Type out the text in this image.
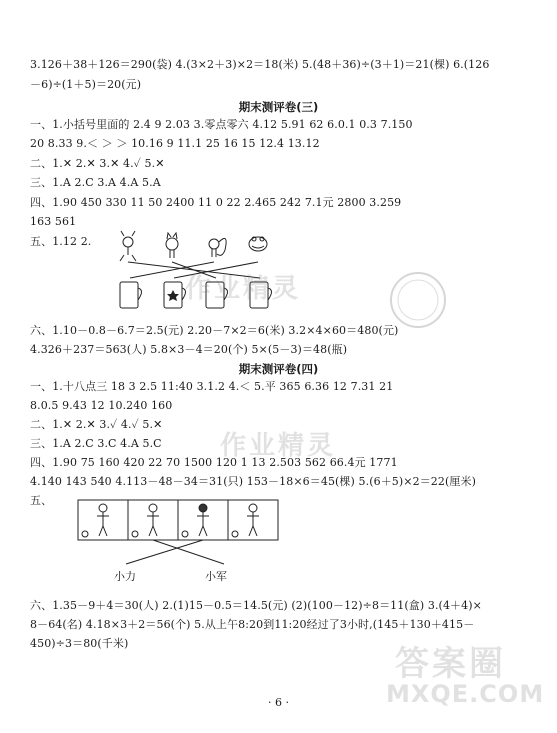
3.126＋38＋126＝290(袋) 4.(3×2＋3)×2＝18(米) 5.(48＋36)÷(3＋1)＝21(棵) 6.(126
－6)÷(1＋5)＝20(元)
期末测评卷(三)
一、1.小括号里面的 2.4 9 2.03 3.零点零六 4.12 5.91 62 6.0.1 0.3 7.150
20 8.33 9.＜ ＞ ＞ 10.16 9 11.1 25 16 15 12.4 13.12
二、1.✕ 2.✕ 3.✕ 4.✓ 5.✕
三、1.A 2.C 3.A 4.A 5.A
四、1.90 450 330 11 50 2400 11 0 22 2.465 242 7.1元 2800 3.259
163 561
五、1.12 2.
六、1.10－0.8－6.7＝2.5(元) 2.20－7×2＝6(米) 3.2×4×60＝480(元)
4.326＋237＝563(人) 5.8×3－4＝20(个) 5×(5－3)＝48(瓶)
期末测评卷(四)
一、1.十八点三 18 3 2.5 11:40 3.1.2 4.＜ 5.平 365 6.36 12 7.31 21
8.0.5 9.43 12 10.240 160
二、1.✕ 2.✕ 3.✓ 4.✓ 5.✕
三、1.A 2.C 3.C 4.A 5.C
四、1.90 75 160 420 22 70 1500 120 1 13 2.503 562 66.4元 1771
4.140 143 540 4.113－48－34＝31(只) 153－18×6＝45(棵) 5.(6＋5)×2＝22(厘米)
五、
小力	小军
六、1.35－9＋4＝30(人) 2.(1)15－0.5＝14.5(元) (2)(100－12)÷8＝11(盒) 3.(4＋4)×
8－64(名) 4.18×3＋2＝56(个) 5.从上午8:20到11:20经过了3小时,(145＋130＋415－
450)÷3＝80(千米)
作业精灵
作业精灵
答案圈
MXQE.COM
· 6 ·
